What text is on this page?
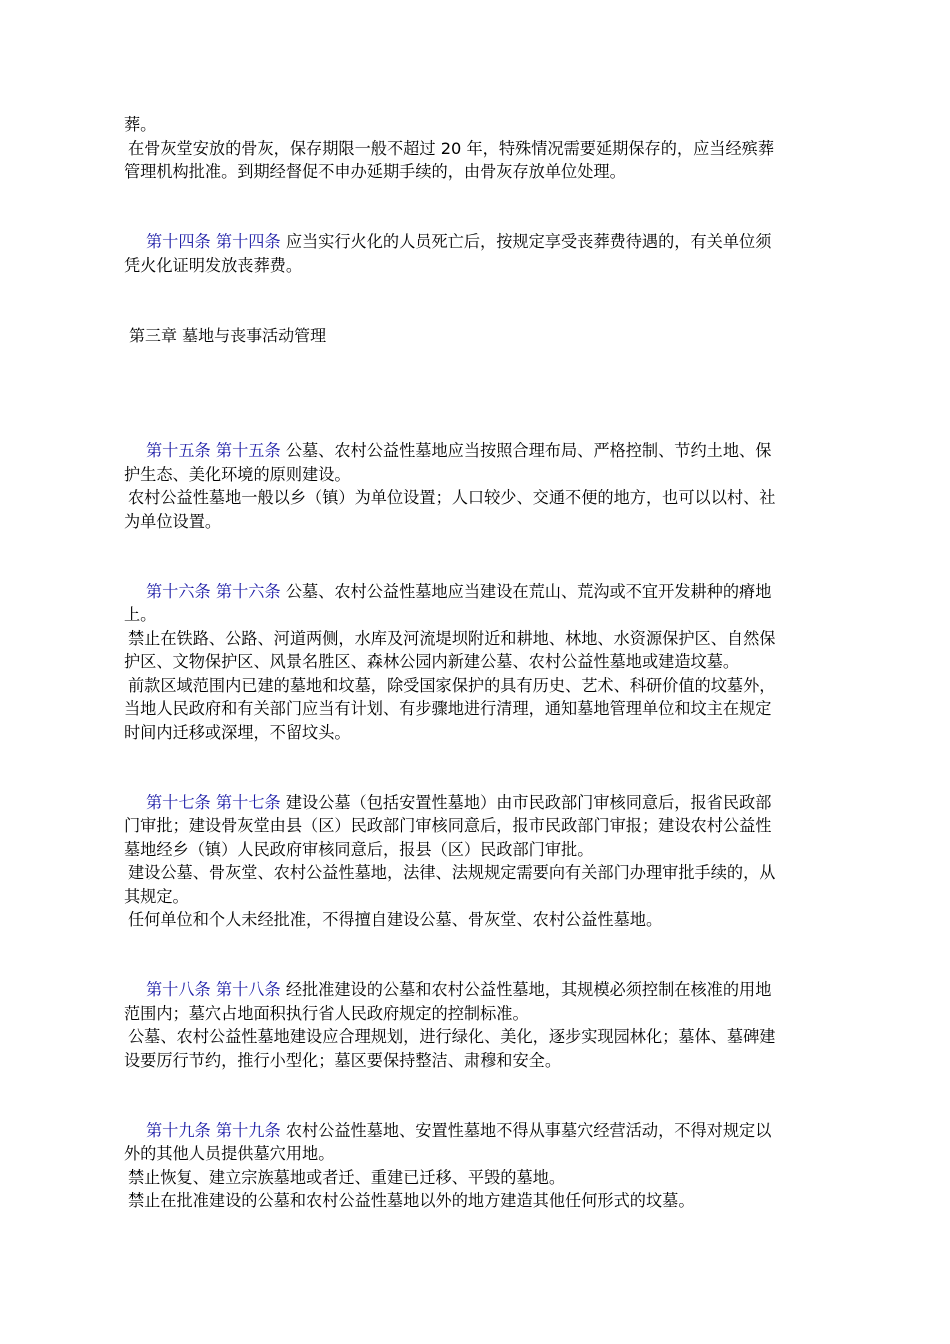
葬。
在骨灰堂安放的骨灰，保存期限一般不超过 20 年，特殊情况需要延期保存的，应当经殡葬
管理机构批准。到期经督促不申办延期手续的，由骨灰存放单位处理。
第十四条 第十四条 应当实行火化的人员死亡后，按规定享受丧葬费待遇的，有关单位须
凭火化证明发放丧葬费。
第三章 墓地与丧事活动管理
第十五条 第十五条 公墓、农村公益性墓地应当按照合理布局、严格控制、节约土地、保
护生态、美化环境的原则建设。
农村公益性墓地一般以乡（镇）为单位设置；人口较少、交通不便的地方，也可以以村、社
为单位设置。
第十六条 第十六条 公墓、农村公益性墓地应当建设在荒山、荒沟或不宜开发耕种的瘠地
上。
禁止在铁路、公路、河道两侧，水库及河流堤坝附近和耕地、林地、水资源保护区、自然保
护区、文物保护区、风景名胜区、森林公园内新建公墓、农村公益性墓地或建造坟墓。
前款区域范围内已建的墓地和坟墓，除受国家保护的具有历史、艺术、科研价值的坟墓外，
当地人民政府和有关部门应当有计划、有步骤地进行清理，通知墓地管理单位和坟主在规定
时间内迁移或深埋，不留坟头。
第十七条 第十七条 建设公墓（包括安置性墓地）由市民政部门审核同意后，报省民政部
门审批；建设骨灰堂由县（区）民政部门审核同意后，报市民政部门审报；建设农村公益性
墓地经乡（镇）人民政府审核同意后，报县（区）民政部门审批。
建设公墓、骨灰堂、农村公益性墓地，法律、法规规定需要向有关部门办理审批手续的，从
其规定。
任何单位和个人未经批准，不得擅自建设公墓、骨灰堂、农村公益性墓地。
第十八条 第十八条 经批准建设的公墓和农村公益性墓地，其规模必须控制在核准的用地
范围内；墓穴占地面积执行省人民政府规定的控制标准。
公墓、农村公益性墓地建设应合理规划，进行绿化、美化，逐步实现园林化；墓体、墓碑建
设要厉行节约，推行小型化；墓区要保持整洁、肃穆和安全。
第十九条 第十九条 农村公益性墓地、安置性墓地不得从事墓穴经营活动，不得对规定以
外的其他人员提供墓穴用地。
禁止恢复、建立宗族墓地或者迁、重建已迁移、平毁的墓地。
禁止在批准建设的公墓和农村公益性墓地以外的地方建造其他任何形式的坟墓。
